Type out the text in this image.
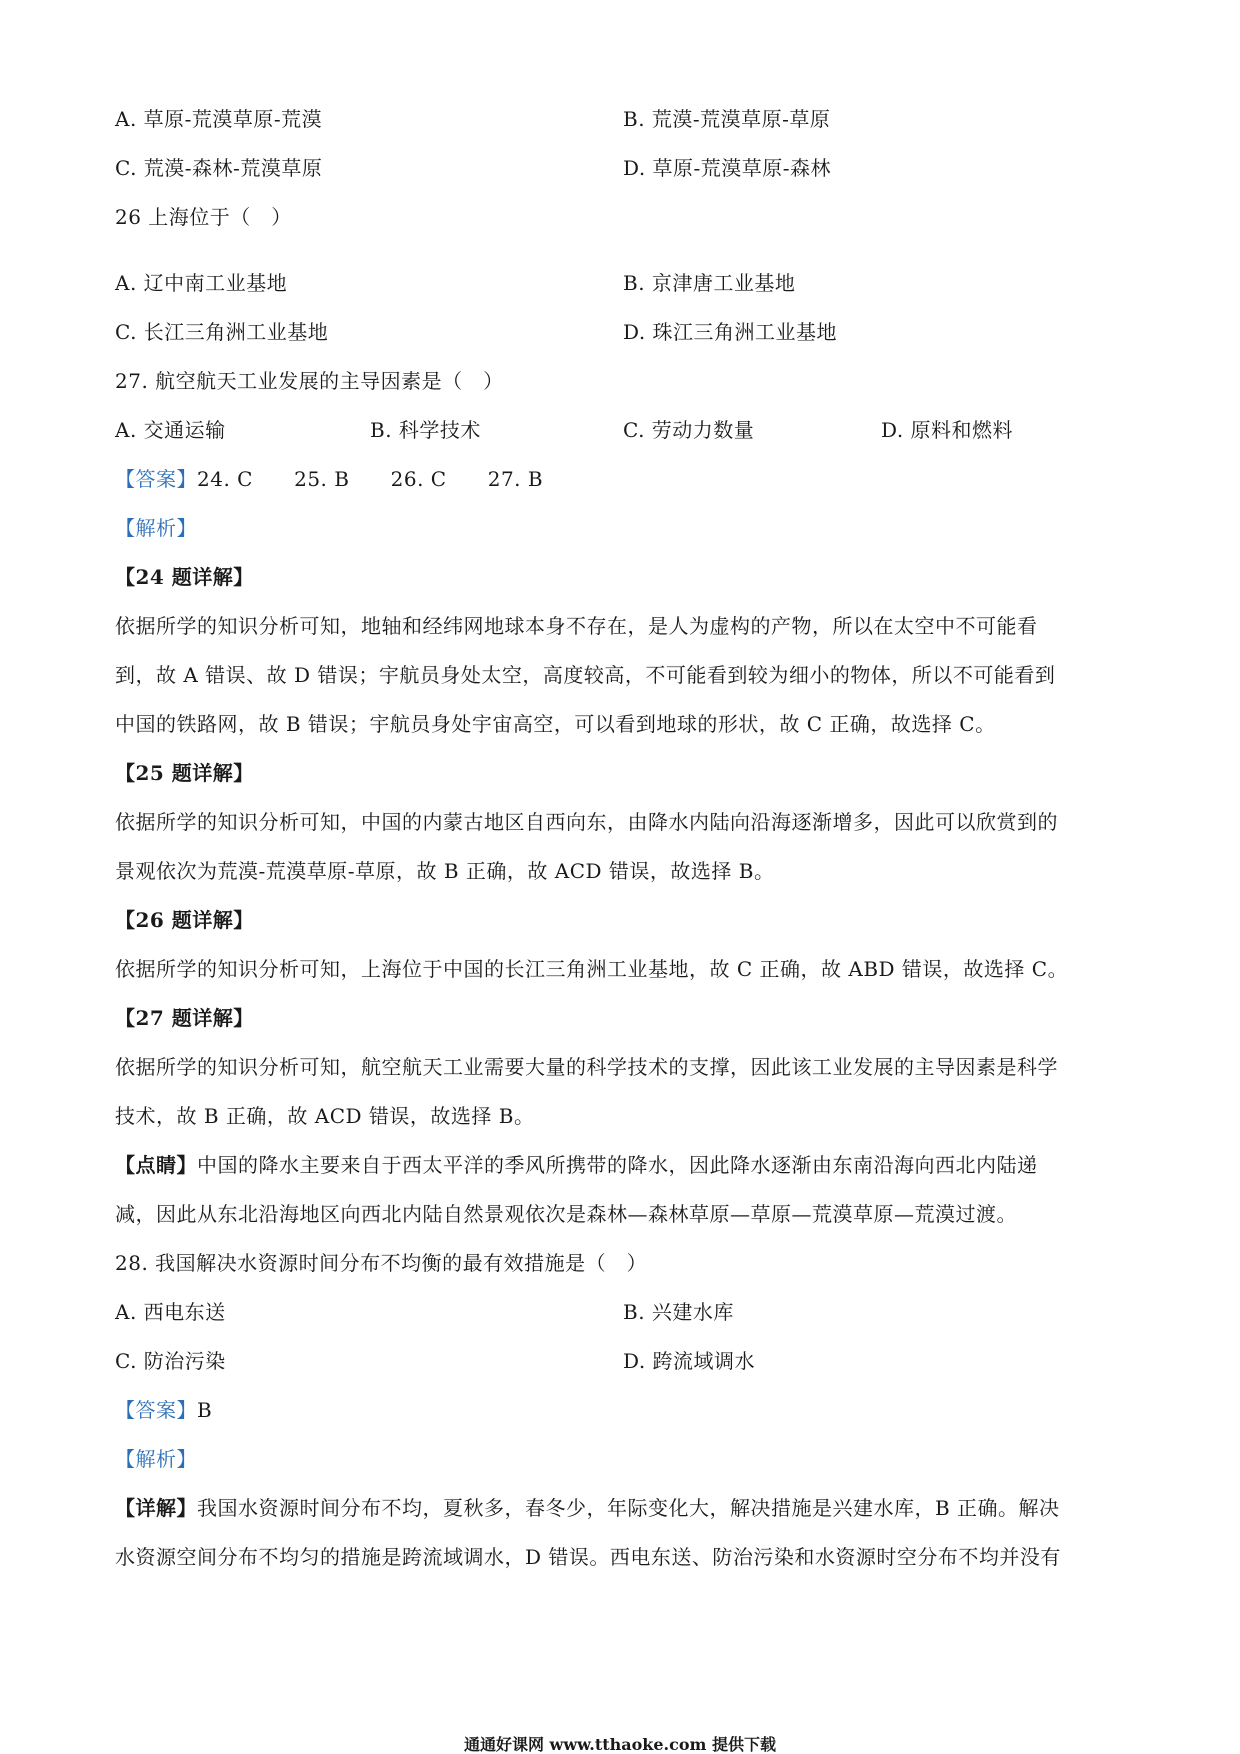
A. 草原-荒漠草原-荒漠	B. 荒漠-荒漠草原-草原
C. 荒漠-森林-荒漠草原	D. 草原-荒漠草原-森林
26 上海位于（　）
A. 辽中南工业基地	B. 京津唐工业基地
C. 长江三角洲工业基地	D. 珠江三角洲工业基地
27. 航空航天工业发展的主导因素是（　）
A. 交通运输	B. 科学技术	C. 劳动力数量	D. 原料和燃料
【答案】24. C      25. B      26. C      27. B
【解析】
【24 题详解】
依据所学的知识分析可知，地轴和经纬网地球本身不存在，是人为虚构的产物，所以在太空中不可能看
到，故 A 错误、故 D 错误；宇航员身处太空，高度较高，不可能看到较为细小的物体，所以不可能看到
中国的铁路网，故 B 错误；宇航员身处宇宙高空，可以看到地球的形状，故 C 正确，故选择 C。
【25 题详解】
依据所学的知识分析可知，中国的内蒙古地区自西向东，由降水内陆向沿海逐渐增多，因此可以欣赏到的
景观依次为荒漠-荒漠草原-草原，故 B 正确，故 ACD 错误，故选择 B。
【26 题详解】
依据所学的知识分析可知，上海位于中国的长江三角洲工业基地，故 C 正确，故 ABD 错误，故选择 C。
【27 题详解】
依据所学的知识分析可知，航空航天工业需要大量的科学技术的支撑，因此该工业发展的主导因素是科学
技术，故 B 正确，故 ACD 错误，故选择 B。
【点睛】中国的降水主要来自于西太平洋的季风所携带的降水，因此降水逐渐由东南沿海向西北内陆递
减，因此从东北沿海地区向西北内陆自然景观依次是森林—森林草原—草原—荒漠草原—荒漠过渡。
28. 我国解决水资源时间分布不均衡的最有效措施是（　）
A. 西电东送	B. 兴建水库
C. 防治污染	D. 跨流域调水
【答案】B
【解析】
【详解】我国水资源时间分布不均，夏秋多，春冬少，年际变化大，解决措施是兴建水库，B 正确。解决
水资源空间分布不均匀的措施是跨流域调水，D 错误。西电东送、防治污染和水资源时空分布不均并没有
通通好课网 www.tthaoke.com 提供下载
